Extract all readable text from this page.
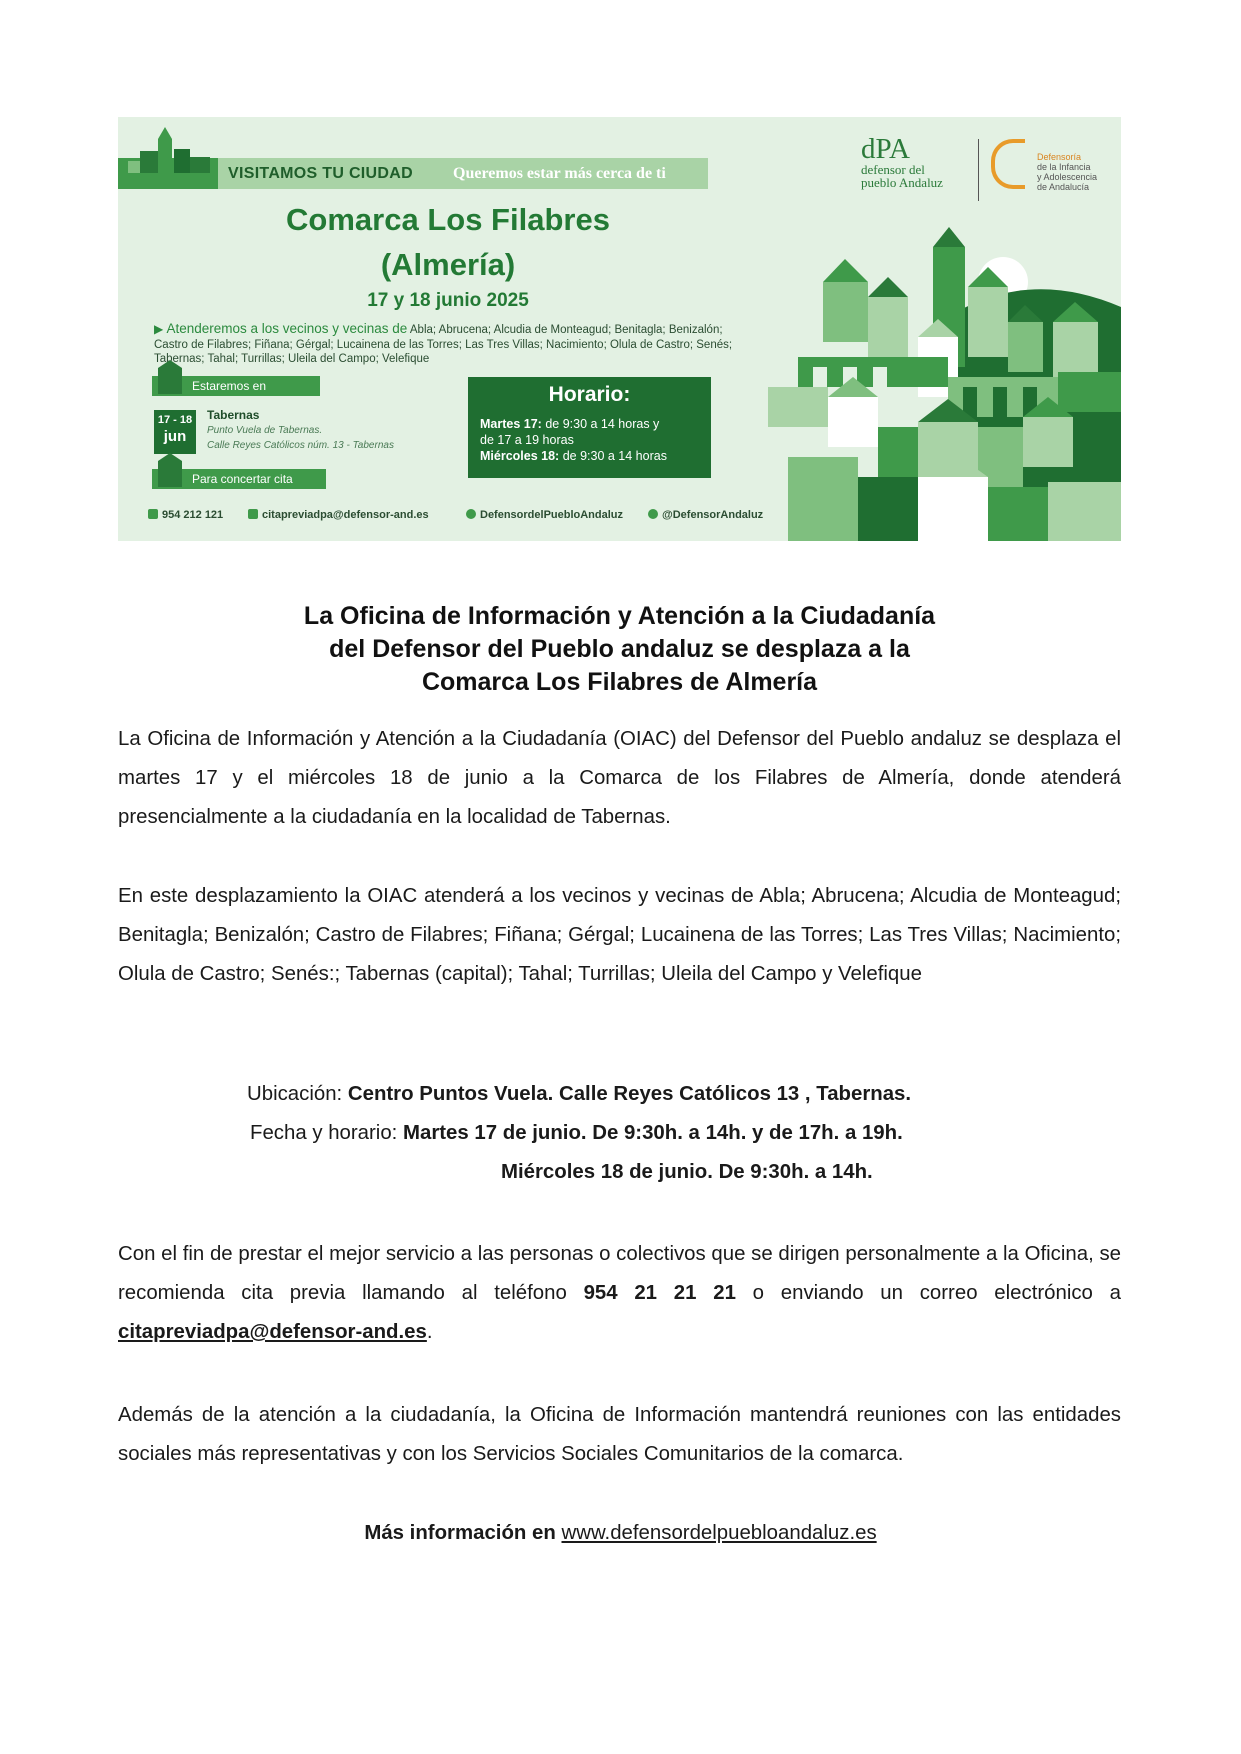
VISITAMOS TU CIUDAD	Queremos estar más cerca de ti
Comarca Los Filabres
(Almería)
17 y 18 junio 2025
▶ Atenderemos a los vecinos y vecinas de Abla; Abrucena; Alcudia de Monteagud; Benitagla; Benizalón; Castro de Filabres; Fiñana; Gérgal; Lucainena de las Torres; Las Tres Villas; Nacimiento; Olula de Castro; Senés; Tabernas; Tahal; Turrillas; Uleila del Campo; Velefique
Estaremos en
17 - 18
jun
Tabernas
Punto Vuela de Tabernas.
Calle Reyes Católicos núm. 13 - Tabernas
Para concertar cita
Horario:
Martes 17: de 9:30 a 14 horas y
de 17 a 19 horas
Miércoles 18: de 9:30 a 14 horas
954 212 121	citapreviadpa@defensor-and.es	DefensordelPuebloAndaluz	@DefensorAndaluz
dPA
defensor del
pueblo Andaluz
Defensoría
de la Infancia
y Adolescencia
de Andalucía
La Oficina de Información y Atención a la Ciudadanía
del Defensor del Pueblo andaluz se desplaza a la
Comarca Los Filabres de Almería
La Oficina de Información y Atención a la Ciudadanía (OIAC) del Defensor del Pueblo andaluz se desplaza el martes 17 y el miércoles 18 de junio a la Comarca de los Filabres de Almería, donde atenderá presencialmente a la ciudadanía en la localidad de Tabernas.
En este desplazamiento la OIAC atenderá a los vecinos y vecinas de Abla; Abrucena; Alcudia de Monteagud; Benitagla; Benizalón; Castro de Filabres; Fiñana; Gérgal; Lucainena de las Torres; Las Tres Villas; Nacimiento; Olula de Castro; Senés:; Tabernas (capital); Tahal; Turrillas; Uleila del Campo y Velefique
Ubicación: Centro Puntos Vuela. Calle Reyes Católicos 13 , Tabernas.
Fecha y horario: Martes 17 de junio. De 9:30h. a 14h. y de 17h. a 19h.
Miércoles 18 de junio. De 9:30h. a 14h.
Con el fin de prestar el mejor servicio a las personas o colectivos que se dirigen personalmente a la Oficina, se recomienda cita previa llamando al teléfono 954 21 21 21 o enviando un correo electrónico a citapreviadpa@defensor-and.es.
Además de la atención a la ciudadanía, la Oficina de Información mantendrá reuniones con las entidades sociales más representativas y con los Servicios Sociales Comunitarios de la comarca.
Más información en www.defensordelpuebloandaluz.es
